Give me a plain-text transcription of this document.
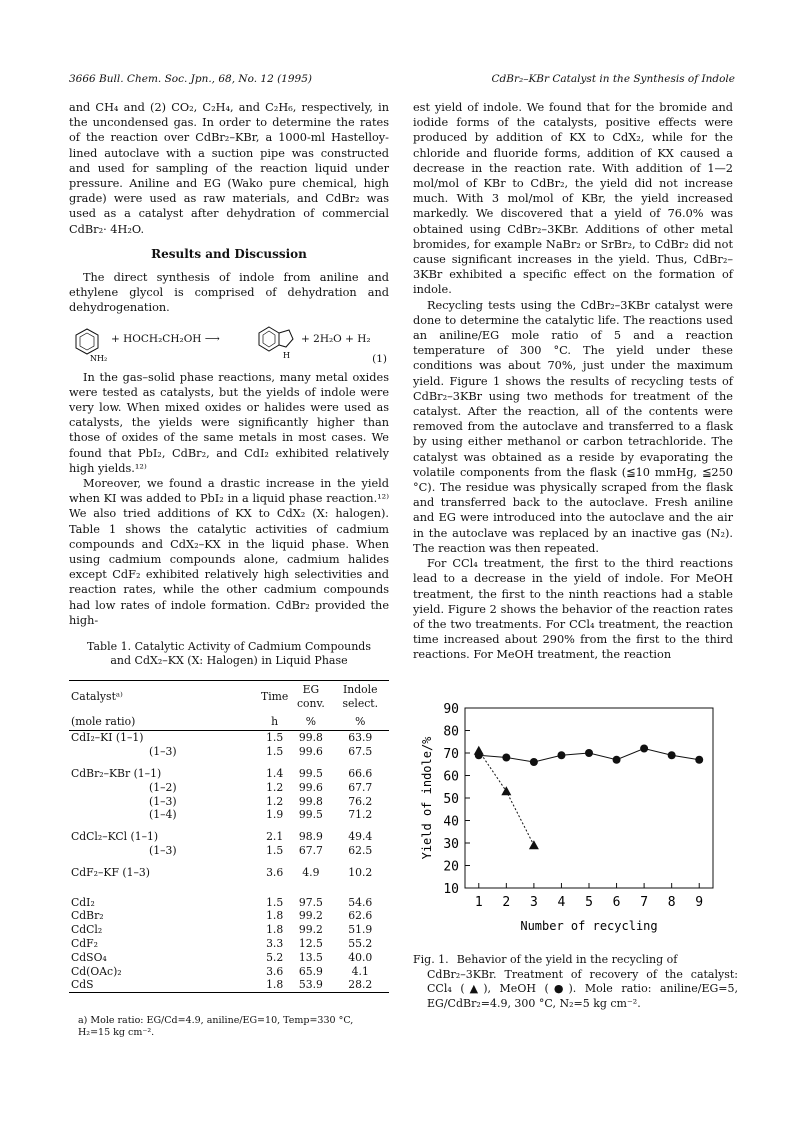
3666 Bull. Chem. Soc. Jpn., 68, No. 12 (1995)	CdBr₂–KBr Catalyst in the Synthesis of Indole

and CH₄ and (2) CO₂, C₂H₄, and C₂H₆, respectively, in the uncondensed gas. In order to determine the rates of the reaction over CdBr₂–KBr, a 1000-ml Hastelloy-lined autoclave with a suction pipe was constructed and used for sampling of the reaction liquid under pressure. Aniline and EG (Wako pure chemical, high grade) were used as raw materials, and CdBr₂ was used as a catalyst after dehydration of commercial CdBr₂· 4H₂O.

Results and Discussion

The direct synthesis of indole from aniline and ethylene glycol is comprised of dehydration and dehydrogenation.

NH₂
+ HOCH₂CH₂OH ⟶
H
+ 2H₂O + H₂
(1)

In the gas–solid phase reactions, many metal oxides were tested as catalysts, but the yields of indole were very low. When mixed oxides or halides were used as catalysts, the yields were significantly higher than those of oxides of the same metals in most cases. We found that PbI₂, CdBr₂, and CdI₂ exhibited relatively high yields.¹²⁾

Moreover, we found a drastic increase in the yield when KI was added to PbI₂ in a liquid phase reaction.¹²⁾ We also tried additions of KX to CdX₂ (X: halogen). Table 1 shows the catalytic activities of cadmium compounds and CdX₂–KX in the liquid phase. When using cadmium compounds alone, cadmium halides except CdF₂ exhibited relatively high selectivities and reaction rates, while the other cadmium compounds had low rates of indole formation. CdBr₂ provided the high-

Table 1. Catalytic Activity of Cadmium Compounds
and CdX₂–KX (X: Halogen) in Liquid Phase
Catalystᵃ⁾	Time	EG conv.	Indole select.
(mole ratio)	h	%	%
CdI₂–KI (1–1)	1.5	99.8	63.9
(1–3)	1.5	99.6	67.5

CdBr₂–KBr (1–1)	1.4	99.5	66.6
(1–2)	1.2	99.6	67.7
(1–3)	1.2	99.8	76.2
(1–4)	1.9	99.5	71.2

CdCl₂–KCl (1–1)	2.1	98.9	49.4
(1–3)	1.5	67.7	62.5

CdF₂–KF (1–3)	3.6	4.9	10.2

CdI₂	1.5	97.5	54.6
CdBr₂	1.8	99.2	62.6
CdCl₂	1.8	99.2	51.9
CdF₂	3.3	12.5	55.2
CdSO₄	5.2	13.5	40.0
Cd(OAc)₂	3.6	65.9	4.1
CdS	1.8	53.9	28.2
a) Mole ratio: EG/Cd=4.9, aniline/EG=10, Temp=330 °C, H₂=15 kg cm⁻².

est yield of indole. We found that for the bromide and iodide forms of the catalysts, positive effects were produced by addition of KX to CdX₂, while for the chloride and fluoride forms, addition of KX caused a decrease in the reaction rate. With addition of 1—2 mol/mol of KBr to CdBr₂, the yield did not increase much. With 3 mol/mol of KBr, the yield increased markedly. We discovered that a yield of 76.0% was obtained using CdBr₂–3KBr. Additions of other metal bromides, for example NaBr₂ or SrBr₂, to CdBr₂ did not cause significant increases in the yield. Thus, CdBr₂–3KBr exhibited a specific effect on the formation of indole.

Recycling tests using the CdBr₂–3KBr catalyst were done to determine the catalytic life. The reactions used an aniline/EG mole ratio of 5 and a reaction temperature of 300 °C. The yield under these conditions was about 70%, just under the maximum yield. Figure 1 shows the results of recycling tests of CdBr₂–3KBr using two methods for treatment of the catalyst. After the reaction, all of the contents were removed from the autoclave and transferred to a flask by using either methanol or carbon tetrachloride. The catalyst was obtained as a reside by evaporating the volatile components from the flask (≦10 mmHg, ≦250 °C). The residue was physically scraped from the flask and transferred back to the autoclave. Fresh aniline and EG were introduced into the autoclave and the air in the autoclave was replaced by an inactive gas (N₂). The reaction was then repeated.

For CCl₄ treatment, the first to the third reactions lead to a decrease in the yield of indole. For MeOH treatment, the first to the ninth reactions had a stable yield. Figure 2 shows the behavior of the reaction rates of the two treatments. For CCl₄ treatment, the reaction time increased about 290% from the first to the third reactions. For MeOH treatment, the reaction

10
20
30
40
50
60
70
80
90
1 2 3 4 5 6 7 8 9
Number of recycling
Yield of indole/%
Fig. 1. Behavior of the yield in the recycling of
CdBr₂–3KBr. Treatment of recovery of the catalyst: CCl₄ (▲), MeOH (●). Mole ratio: aniline/EG=5, EG/CdBr₂=4.9, 300 °C, N₂=5 kg cm⁻².
